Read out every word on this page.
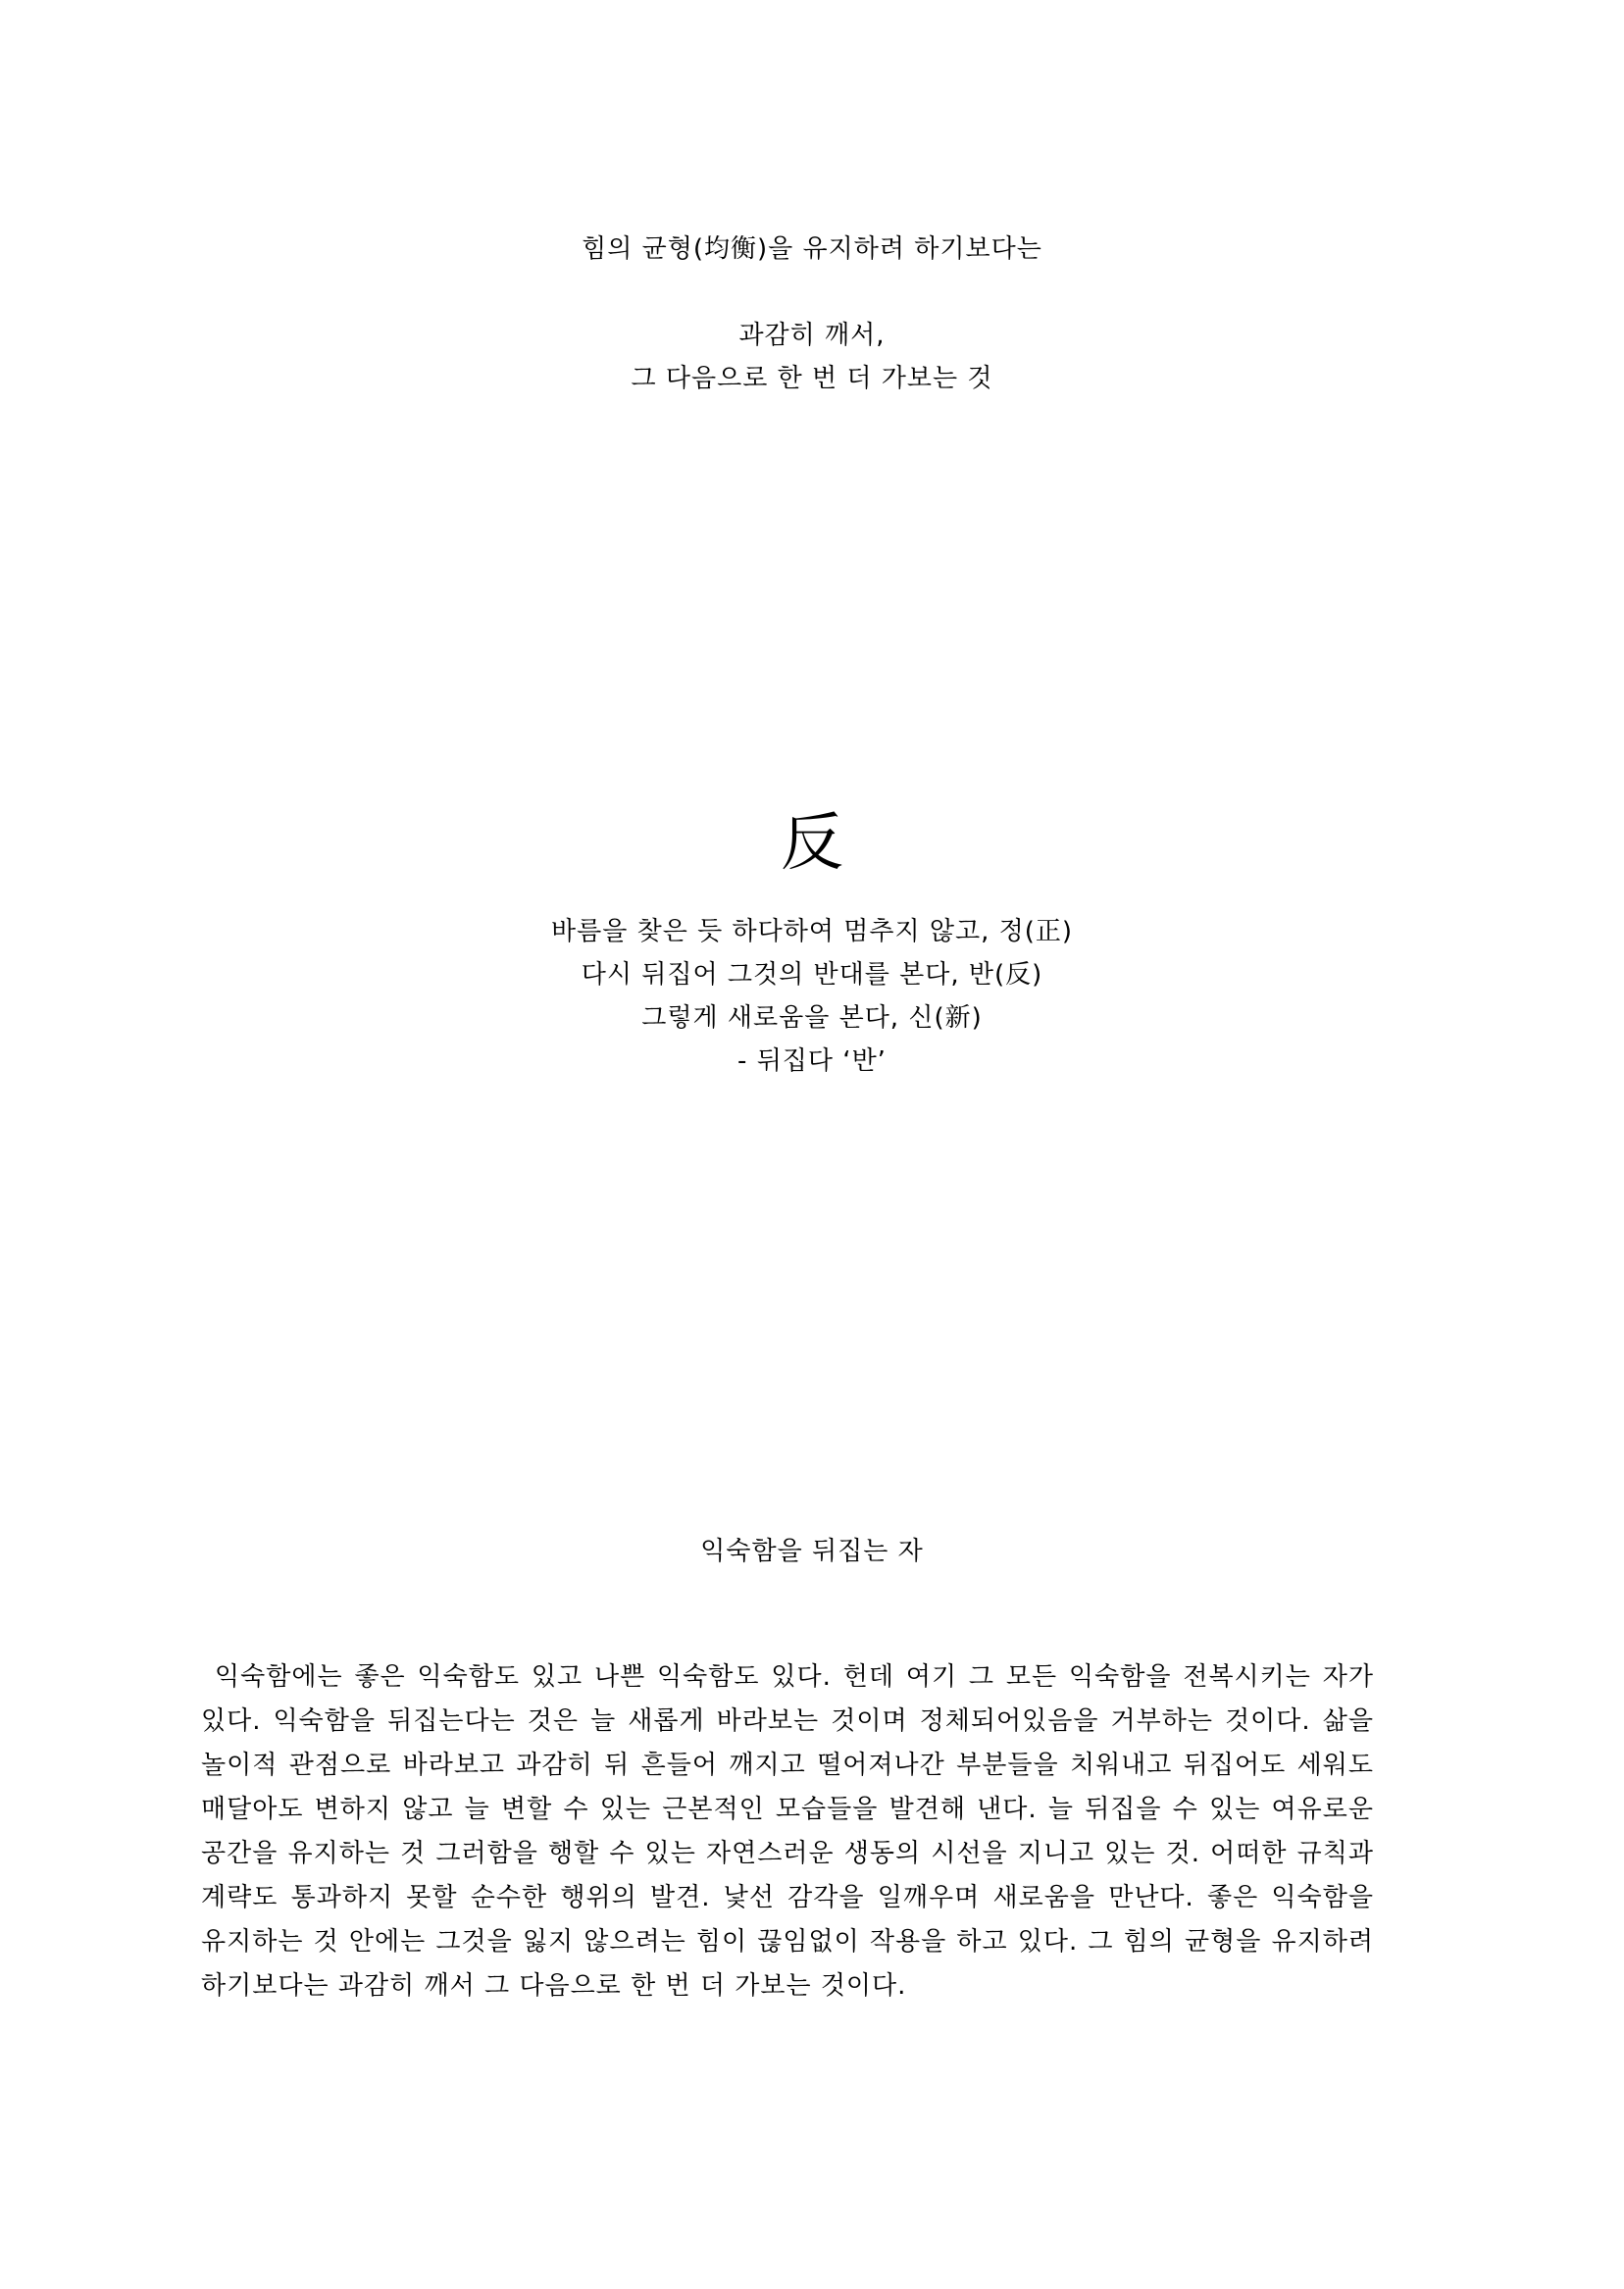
힘의 균형(均衡)을 유지하려 하기보다는
과감히 깨서,
그 다음으로 한 번 더 가보는 것
反
바름을 찾은 듯 하다하여 멈추지 않고, 정(正)
다시 뒤집어 그것의 반대를 본다, 반(反)
그렇게 새로움을 본다, 신(新)
- 뒤집다 ‘반’
익숙함을 뒤집는 자

익숙함에는 좋은 익숙함도 있고 나쁜 익숙함도 있다. 헌데 여기 그 모든 익숙함을 전복시키는 자가 있다. 익숙함을 뒤집는다는 것은 늘 새롭게 바라보는 것이며 정체되어있음을 거부하는 것이다. 삶을 놀이적 관점으로 바라보고 과감히 뒤 흔들어 깨지고 떨어져나간 부분들을 치워내고 뒤집어도 세워도 매달아도 변하지 않고 늘 변할 수 있는 근본적인 모습들을 발견해 낸다. 늘 뒤집을 수 있는 여유로운 공간을 유지하는 것 그러함을 행할 수 있는 자연스러운 생동의 시선을 지니고 있는 것. 어떠한 규칙과 계략도 통과하지 못할 순수한 행위의 발견. 낯선 감각을 일깨우며 새로움을 만난다. 좋은 익숙함을 유지하는 것 안에는 그것을 잃지 않으려는 힘이 끊임없이 작용을 하고 있다. 그 힘의 균형을 유지하려 하기보다는 과감히 깨서 그 다음으로 한 번 더 가보는 것이다.
